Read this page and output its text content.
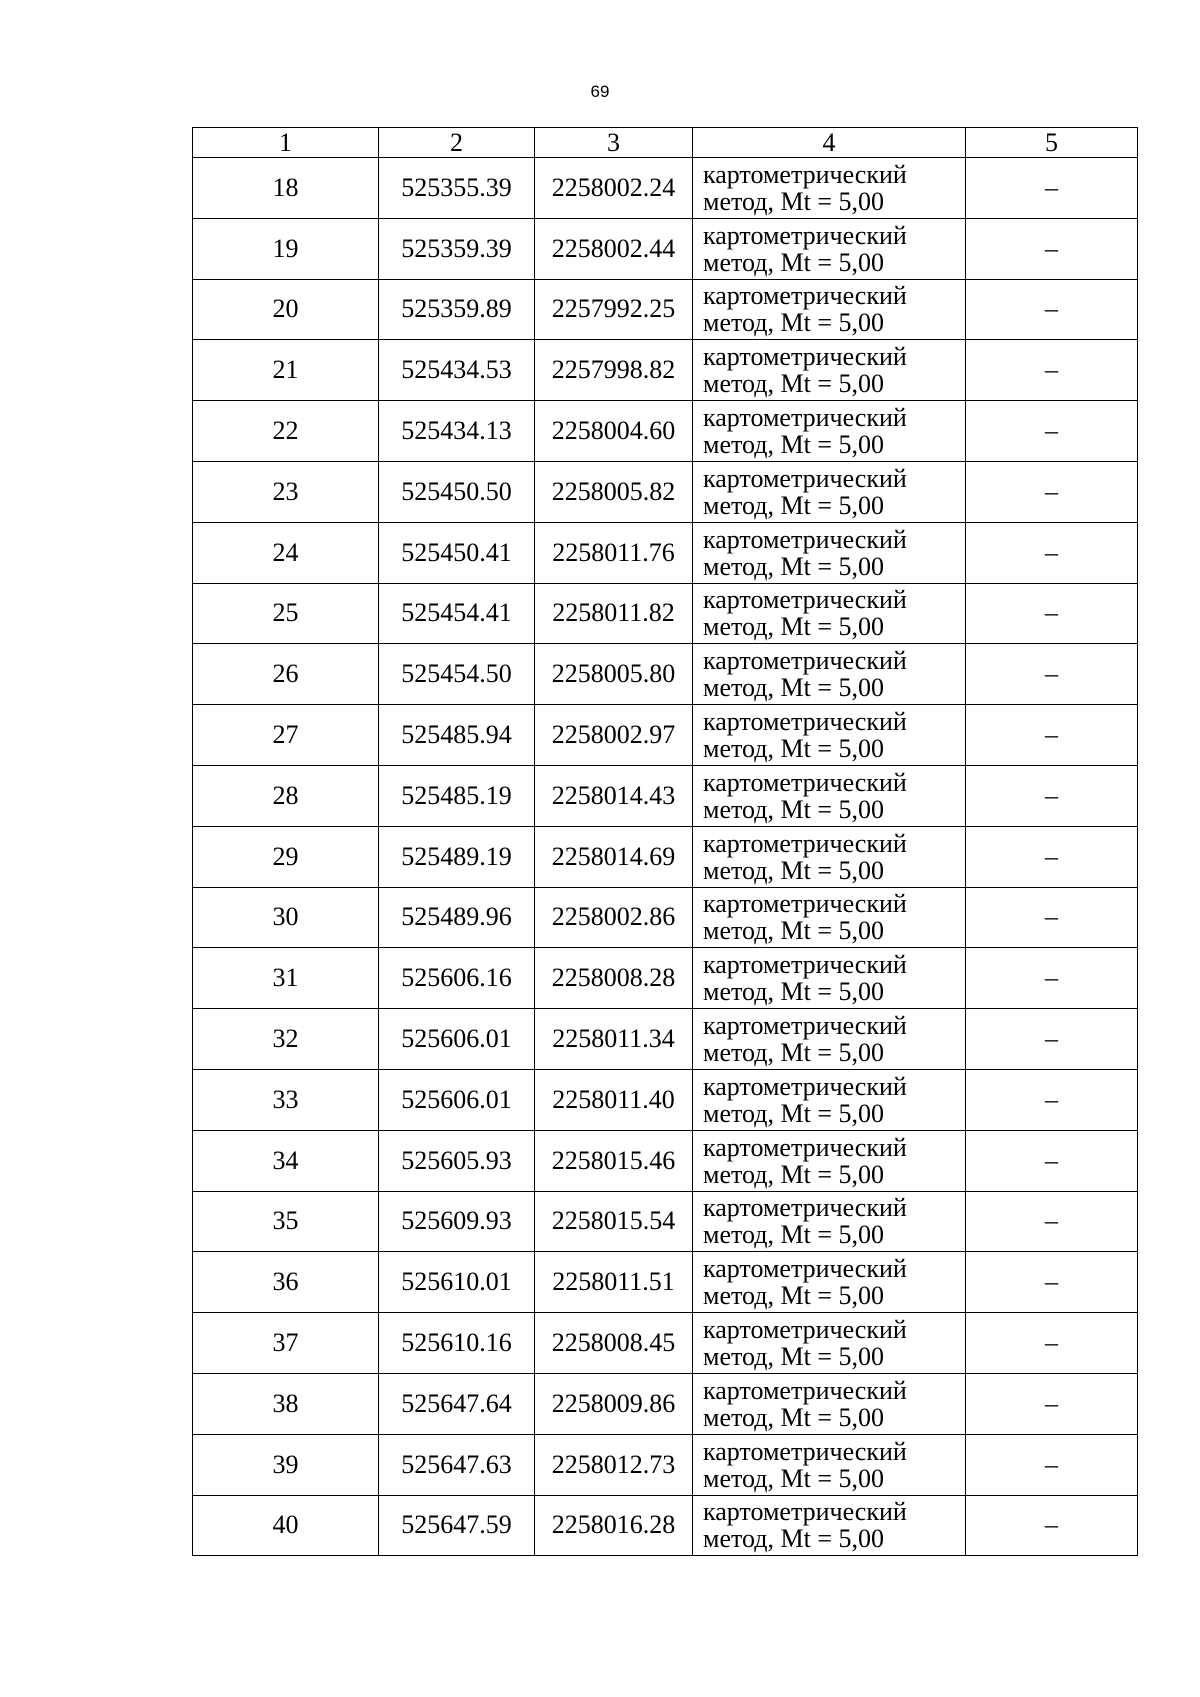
69
1	2	3	4	5
18	525355.39	2258002.24	картометрический
метод, Mt = 5,00	–
19	525359.39	2258002.44	картометрический
метод, Mt = 5,00	–
20	525359.89	2257992.25	картометрический
метод, Mt = 5,00	–
21	525434.53	2257998.82	картометрический
метод, Mt = 5,00	–
22	525434.13	2258004.60	картометрический
метод, Mt = 5,00	–
23	525450.50	2258005.82	картометрический
метод, Mt = 5,00	–
24	525450.41	2258011.76	картометрический
метод, Mt = 5,00	–
25	525454.41	2258011.82	картометрический
метод, Mt = 5,00	–
26	525454.50	2258005.80	картометрический
метод, Mt = 5,00	–
27	525485.94	2258002.97	картометрический
метод, Mt = 5,00	–
28	525485.19	2258014.43	картометрический
метод, Mt = 5,00	–
29	525489.19	2258014.69	картометрический
метод, Mt = 5,00	–
30	525489.96	2258002.86	картометрический
метод, Mt = 5,00	–
31	525606.16	2258008.28	картометрический
метод, Mt = 5,00	–
32	525606.01	2258011.34	картометрический
метод, Mt = 5,00	–
33	525606.01	2258011.40	картометрический
метод, Mt = 5,00	–
34	525605.93	2258015.46	картометрический
метод, Mt = 5,00	–
35	525609.93	2258015.54	картометрический
метод, Mt = 5,00	–
36	525610.01	2258011.51	картометрический
метод, Mt = 5,00	–
37	525610.16	2258008.45	картометрический
метод, Mt = 5,00	–
38	525647.64	2258009.86	картометрический
метод, Mt = 5,00	–
39	525647.63	2258012.73	картометрический
метод, Mt = 5,00	–
40	525647.59	2258016.28	картометрический
метод, Mt = 5,00	–
